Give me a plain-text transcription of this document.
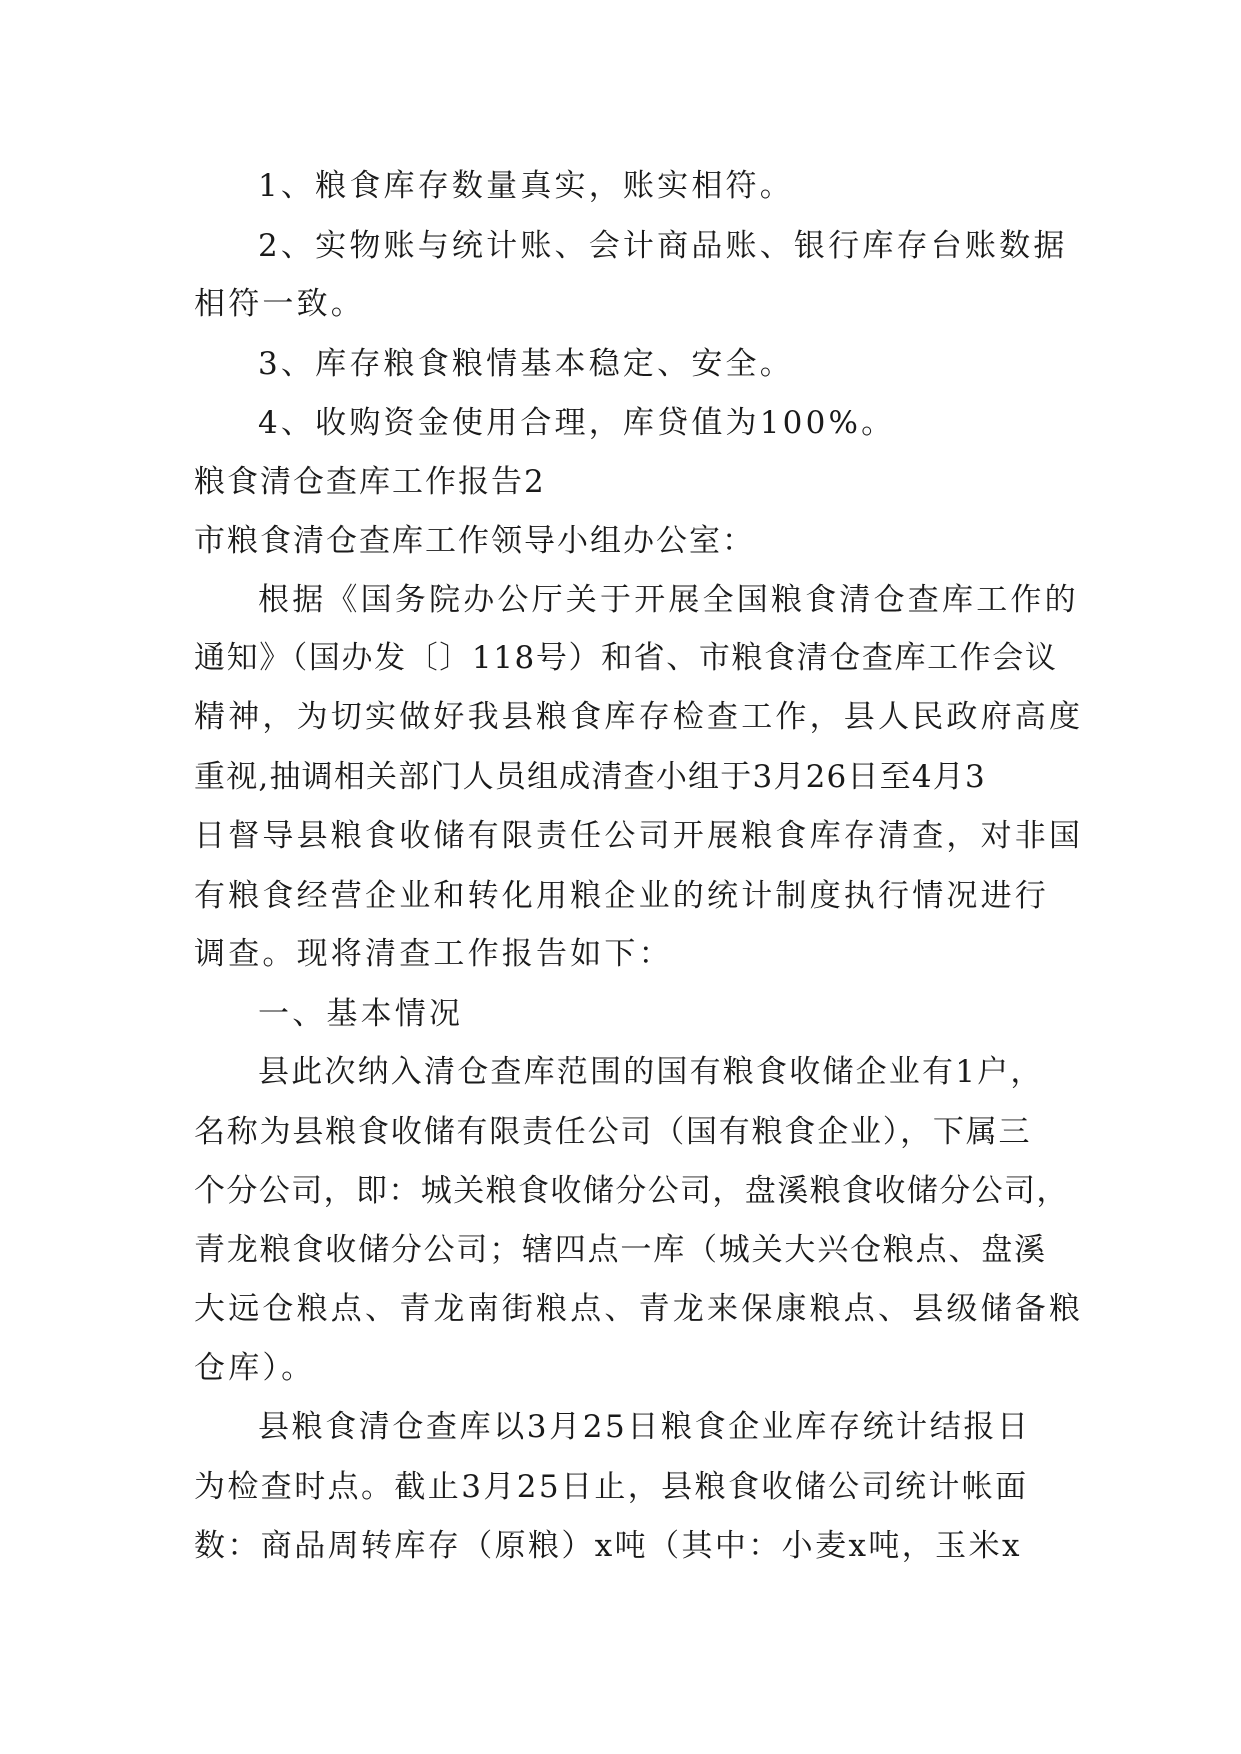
1、粮食库存数量真实，账实相符。
2、实物账与统计账、会计商品账、银行库存台账数据
相符一致。
3、库存粮食粮情基本稳定、安全。
4、收购资金使用合理，库贷值为100%。
粮食清仓查库工作报告2
市粮食清仓查库工作领导小组办公室：
根据《国务院办公厅关于开展全国粮食清仓查库工作的
通知》（国办发〔〕118号）和省、市粮食清仓查库工作会议
精神，为切实做好我县粮食库存检查工作，县人民政府高度
重视,抽调相关部门人员组成清查小组于3月26日至4月3
日督导县粮食收储有限责任公司开展粮食库存清查，对非国
有粮食经营企业和转化用粮企业的统计制度执行情况进行
调查。现将清查工作报告如下：
一、基本情况
县此次纳入清仓查库范围的国有粮食收储企业有1户，
名称为县粮食收储有限责任公司（国有粮食企业），下属三
个分公司，即：城关粮食收储分公司，盘溪粮食收储分公司，
青龙粮食收储分公司；辖四点一库（城关大兴仓粮点、盘溪
大远仓粮点、青龙南街粮点、青龙来保康粮点、县级储备粮
仓库）。
县粮食清仓查库以3月25日粮食企业库存统计结报日
为检查时点。截止3月25日止，县粮食收储公司统计帐面
数：商品周转库存（原粮）x吨（其中：小麦x吨，玉米x
